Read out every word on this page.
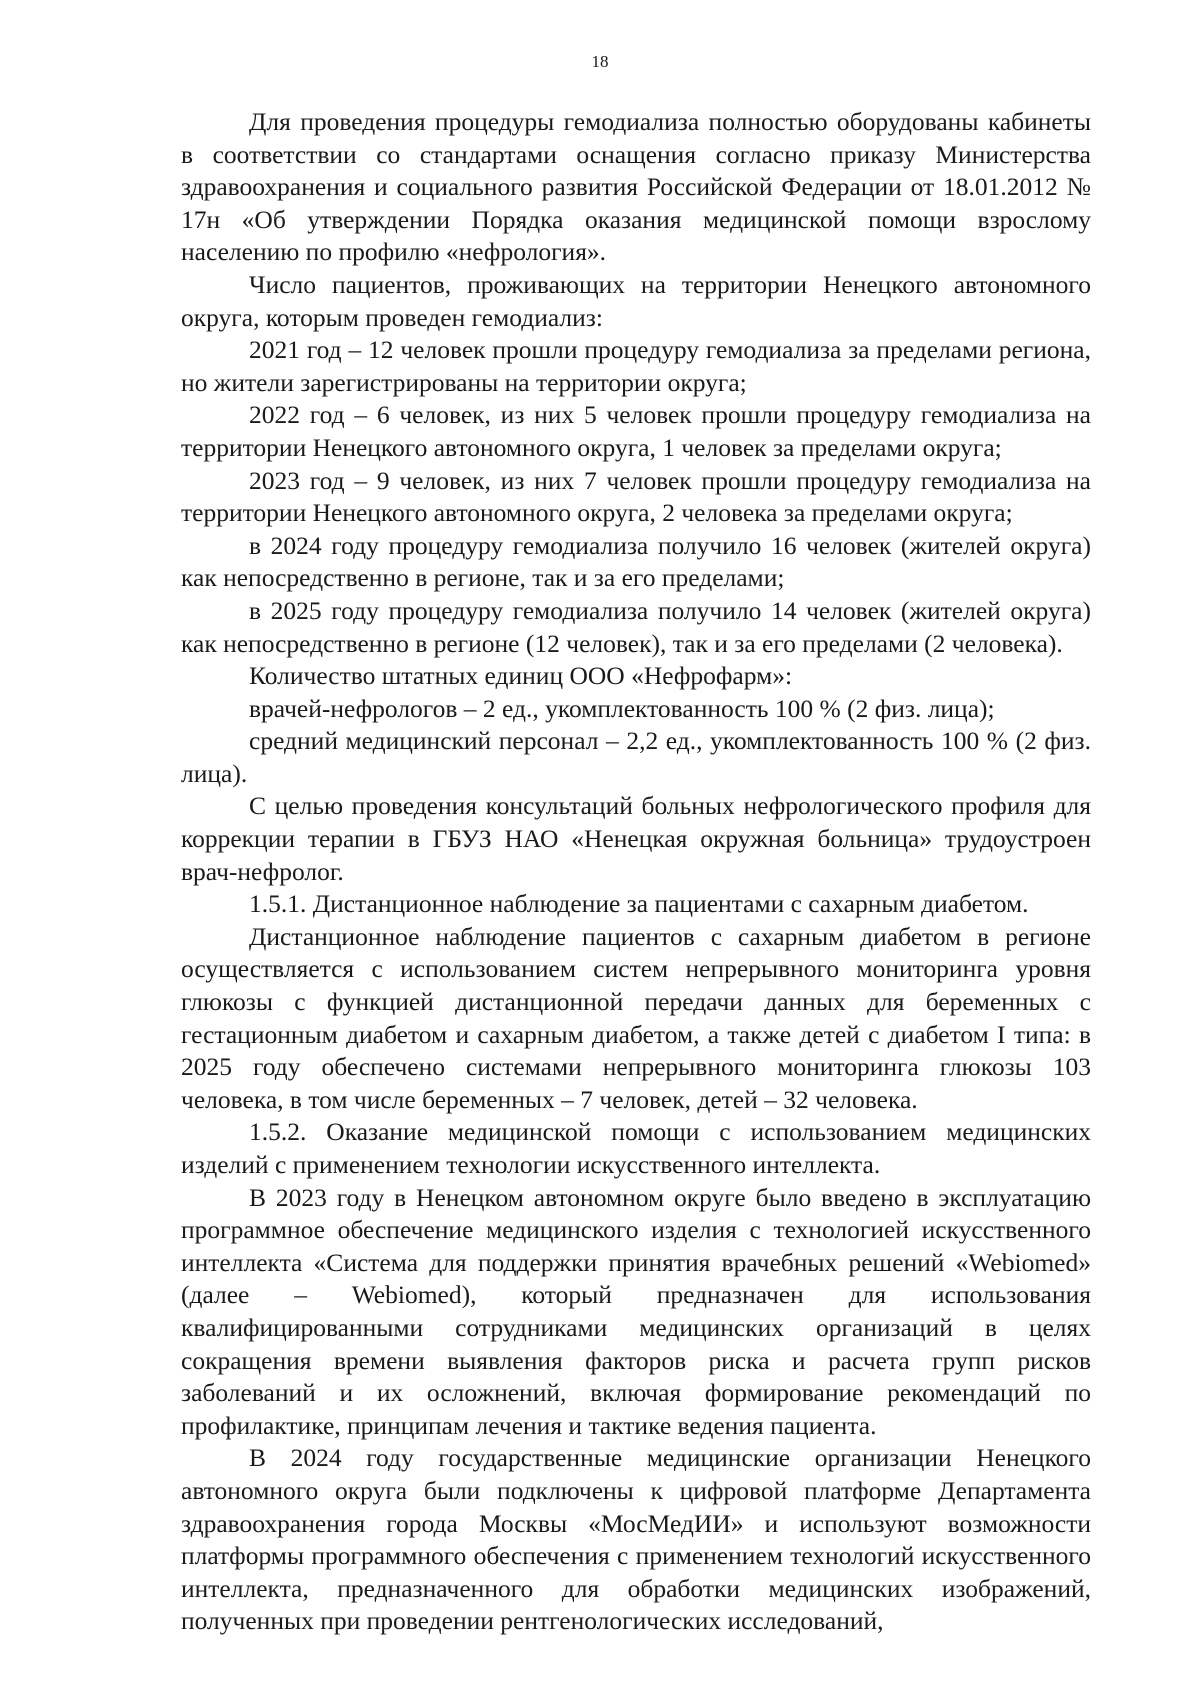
18

Для проведения процедуры гемодиализа полностью оборудованы кабинеты в соответствии со стандартами оснащения согласно приказу Министерства здравоохранения и социального развития Российской Федерации от 18.01.2012 № 17н «Об утверждении Порядка оказания медицинской помощи взрослому населению по профилю «нефрология».

Число пациентов, проживающих на территории Ненецкого автономного округа, которым проведен гемодиализ:

2021 год – 12 человек прошли процедуру гемодиализа за пределами региона, но жители зарегистрированы на территории округа;

2022 год – 6 человек, из них 5 человек прошли процедуру гемодиализа на территории Ненецкого автономного округа, 1 человек за пределами округа;

2023 год – 9 человек, из них 7 человек прошли процедуру гемодиализа на территории Ненецкого автономного округа, 2 человека за пределами округа;

в 2024 году процедуру гемодиализа получило 16 человек (жителей округа) как непосредственно в регионе, так и за его пределами;

в 2025 году процедуру гемодиализа получило 14 человек (жителей округа) как непосредственно в регионе (12 человек), так и за его пределами (2 человека).

Количество штатных единиц ООО «Нефрофарм»:

врачей-нефрологов – 2 ед., укомплектованность 100 % (2 физ. лица);

средний медицинский персонал – 2,2 ед., укомплектованность 100 % (2 физ. лица).

С целью проведения консультаций больных нефрологического профиля для коррекции терапии в ГБУЗ НАО «Ненецкая окружная больница» трудоустроен врач-нефролог.

1.5.1. Дистанционное наблюдение за пациентами с сахарным диабетом.

Дистанционное наблюдение пациентов с сахарным диабетом в регионе осуществляется с использованием систем непрерывного мониторинга уровня глюкозы с функцией дистанционной передачи данных для беременных с гестационным диабетом и сахарным диабетом, а также детей с диабетом I типа: в 2025 году обеспечено системами непрерывного мониторинга глюкозы 103 человека, в том числе беременных – 7 человек, детей – 32 человека.

1.5.2. Оказание медицинской помощи с использованием медицинских изделий с применением технологии искусственного интеллекта.

В 2023 году в Ненецком автономном округе было введено в эксплуатацию программное обеспечение медицинского изделия с технологией искусственного интеллекта «Система для поддержки принятия врачебных решений «Webiomed» (далее – Webiomed), который предназначен для использования квалифицированными сотрудниками медицинских организаций в целях сокращения времени выявления факторов риска и расчета групп рисков заболеваний и их осложнений, включая формирование рекомендаций по профилактике, принципам лечения и тактике ведения пациента.

В 2024 году государственные медицинские организации Ненецкого автономного округа были подключены к цифровой платформе Департамента здравоохранения города Москвы «МосМедИИ» и используют возможности платформы программного обеспечения с применением технологий искусственного интеллекта, предназначенного для обработки медицинских изображений, полученных при проведении рентгенологических исследований,
